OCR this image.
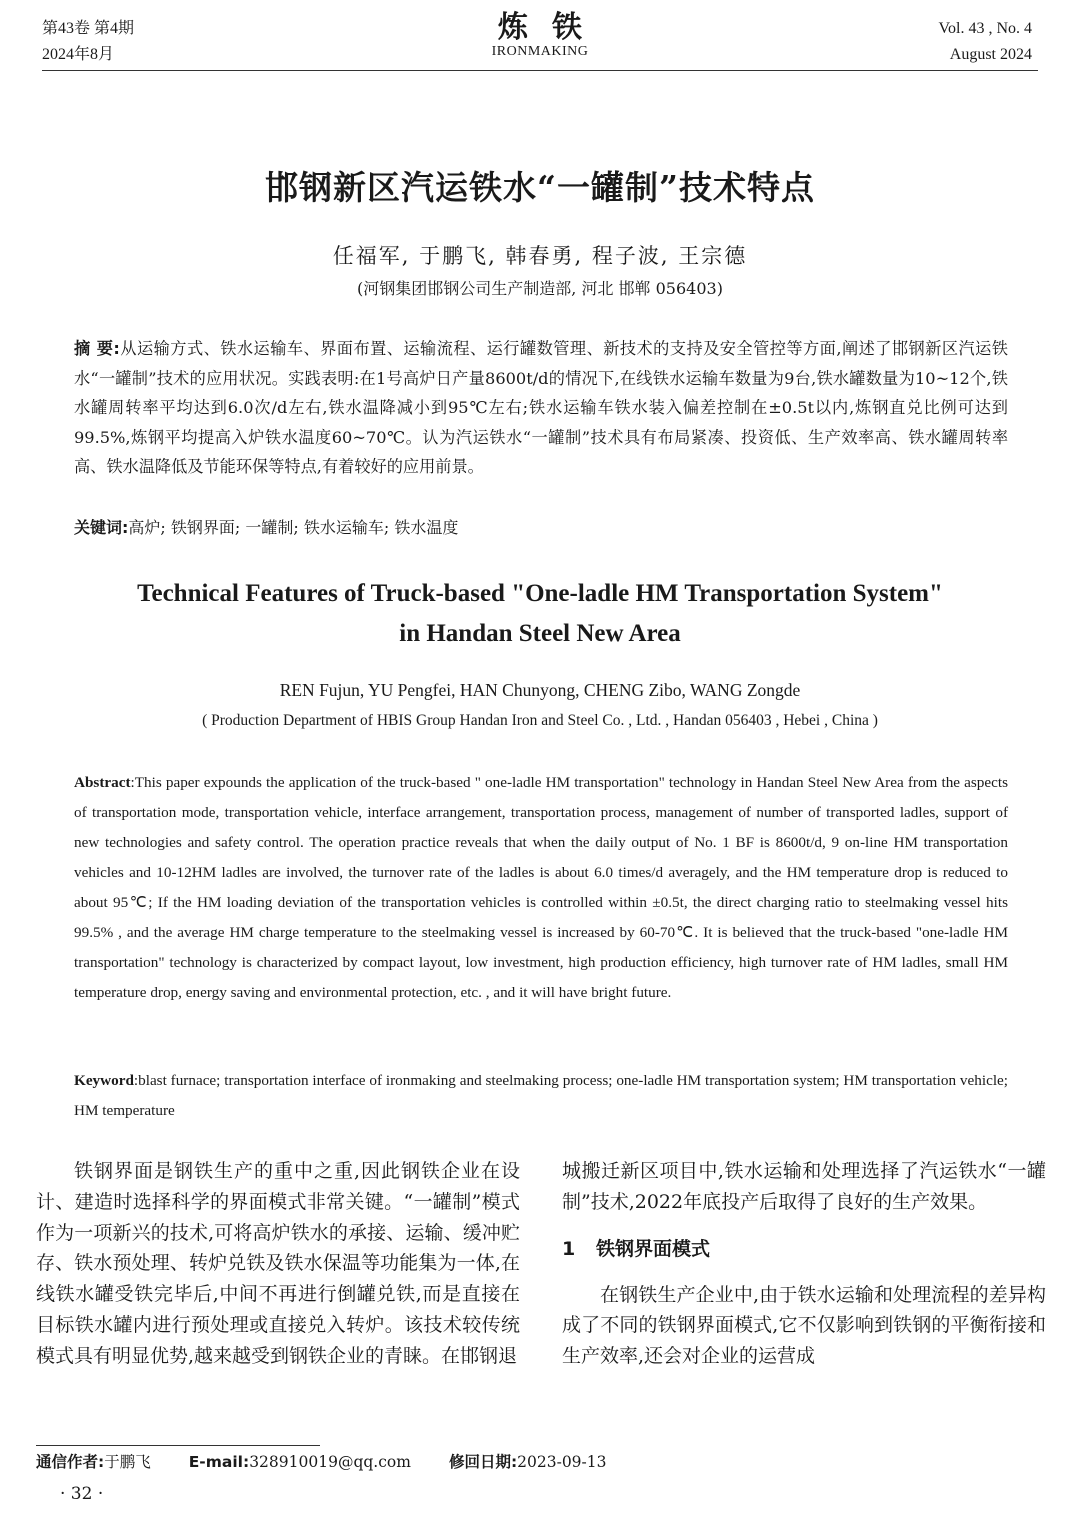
第43卷 第4期
2024年8月
炼铁
IRONMAKING
Vol. 43 , No. 4
August 2024
邯钢新区汽运铁水“一罐制”技术特点
任福军, 于鹏飞, 韩春勇, 程子波, 王宗德
(河钢集团邯钢公司生产制造部, 河北 邯郸 056403)
摘 要:从运输方式、铁水运输车、界面布置、运输流程、运行罐数管理、新技术的支持及安全管控等方面,阐述了邯钢新区汽运铁水“一罐制”技术的应用状况。实践表明:在1号高炉日产量8600t/d的情况下,在线铁水运输车数量为9台,铁水罐数量为10~12个,铁水罐周转率平均达到6.0次/d左右,铁水温降减小到95℃左右;铁水运输车铁水装入偏差控制在±0.5t以内,炼钢直兑比例可达到99.5%,炼钢平均提高入炉铁水温度60~70℃。认为汽运铁水“一罐制”技术具有布局紧凑、投资低、生产效率高、铁水罐周转率高、铁水温降低及节能环保等特点,有着较好的应用前景。
关键词:高炉; 铁钢界面; 一罐制; 铁水运输车; 铁水温度
Technical Features of Truck-based "One-ladle HM Transportation System"
in Handan Steel New Area
REN Fujun, YU Pengfei, HAN Chunyong, CHENG Zibo, WANG Zongde
( Production Department of HBIS Group Handan Iron and Steel Co. , Ltd. , Handan 056403 , Hebei , China )
Abstract:This paper expounds the application of the truck-based " one-ladle HM transportation" technology in Handan Steel New Area from the aspects of transportation mode, transportation vehicle, interface arrangement, transportation process, management of number of transported ladles, support of new technologies and safety control. The operation practice reveals that when the daily output of No. 1 BF is 8600t/d, 9 on-line HM transportation vehicles and 10-12HM ladles are involved, the turnover rate of the ladles is about 6.0 times/d averagely, and the HM temperature drop is reduced to about 95℃; If the HM loading deviation of the transportation vehicles is controlled within ±0.5t, the direct charging ratio to steelmaking vessel hits 99.5% , and the average HM charge temperature to the steelmaking vessel is increased by 60-70℃. It is believed that the truck-based "one-ladle HM transportation" technology is characterized by compact layout, low investment, high production efficiency, high turnover rate of HM ladles, small HM temperature drop, energy saving and environmental protection, etc. , and it will have bright future.
Keyword:blast furnace; transportation interface of ironmaking and steelmaking process; one-ladle HM transportation system; HM transportation vehicle; HM temperature
铁钢界面是钢铁生产的重中之重,因此钢铁企业在设计、建造时选择科学的界面模式非常关键。“一罐制”模式作为一项新兴的技术,可将高炉铁水的承接、运输、缓冲贮存、铁水预处理、转炉兑铁及铁水保温等功能集为一体,在线铁水罐受铁完毕后,中间不再进行倒罐兑铁,而是直接在目标铁水罐内进行预处理或直接兑入转炉。该技术较传统模式具有明显优势,越来越受到钢铁企业的青睐。在邯钢退
城搬迁新区项目中,铁水运输和处理选择了汽运铁水“一罐制”技术,2022年底投产后取得了良好的生产效果。
1 铁钢界面模式
在钢铁生产企业中,由于铁水运输和处理流程的差异构成了不同的铁钢界面模式,它不仅影响到铁钢的平衡衔接和生产效率,还会对企业的运营成
通信作者:于鹏飞 E-mail:328910019@qq.com 修回日期:2023-09-13
· 32 ·
